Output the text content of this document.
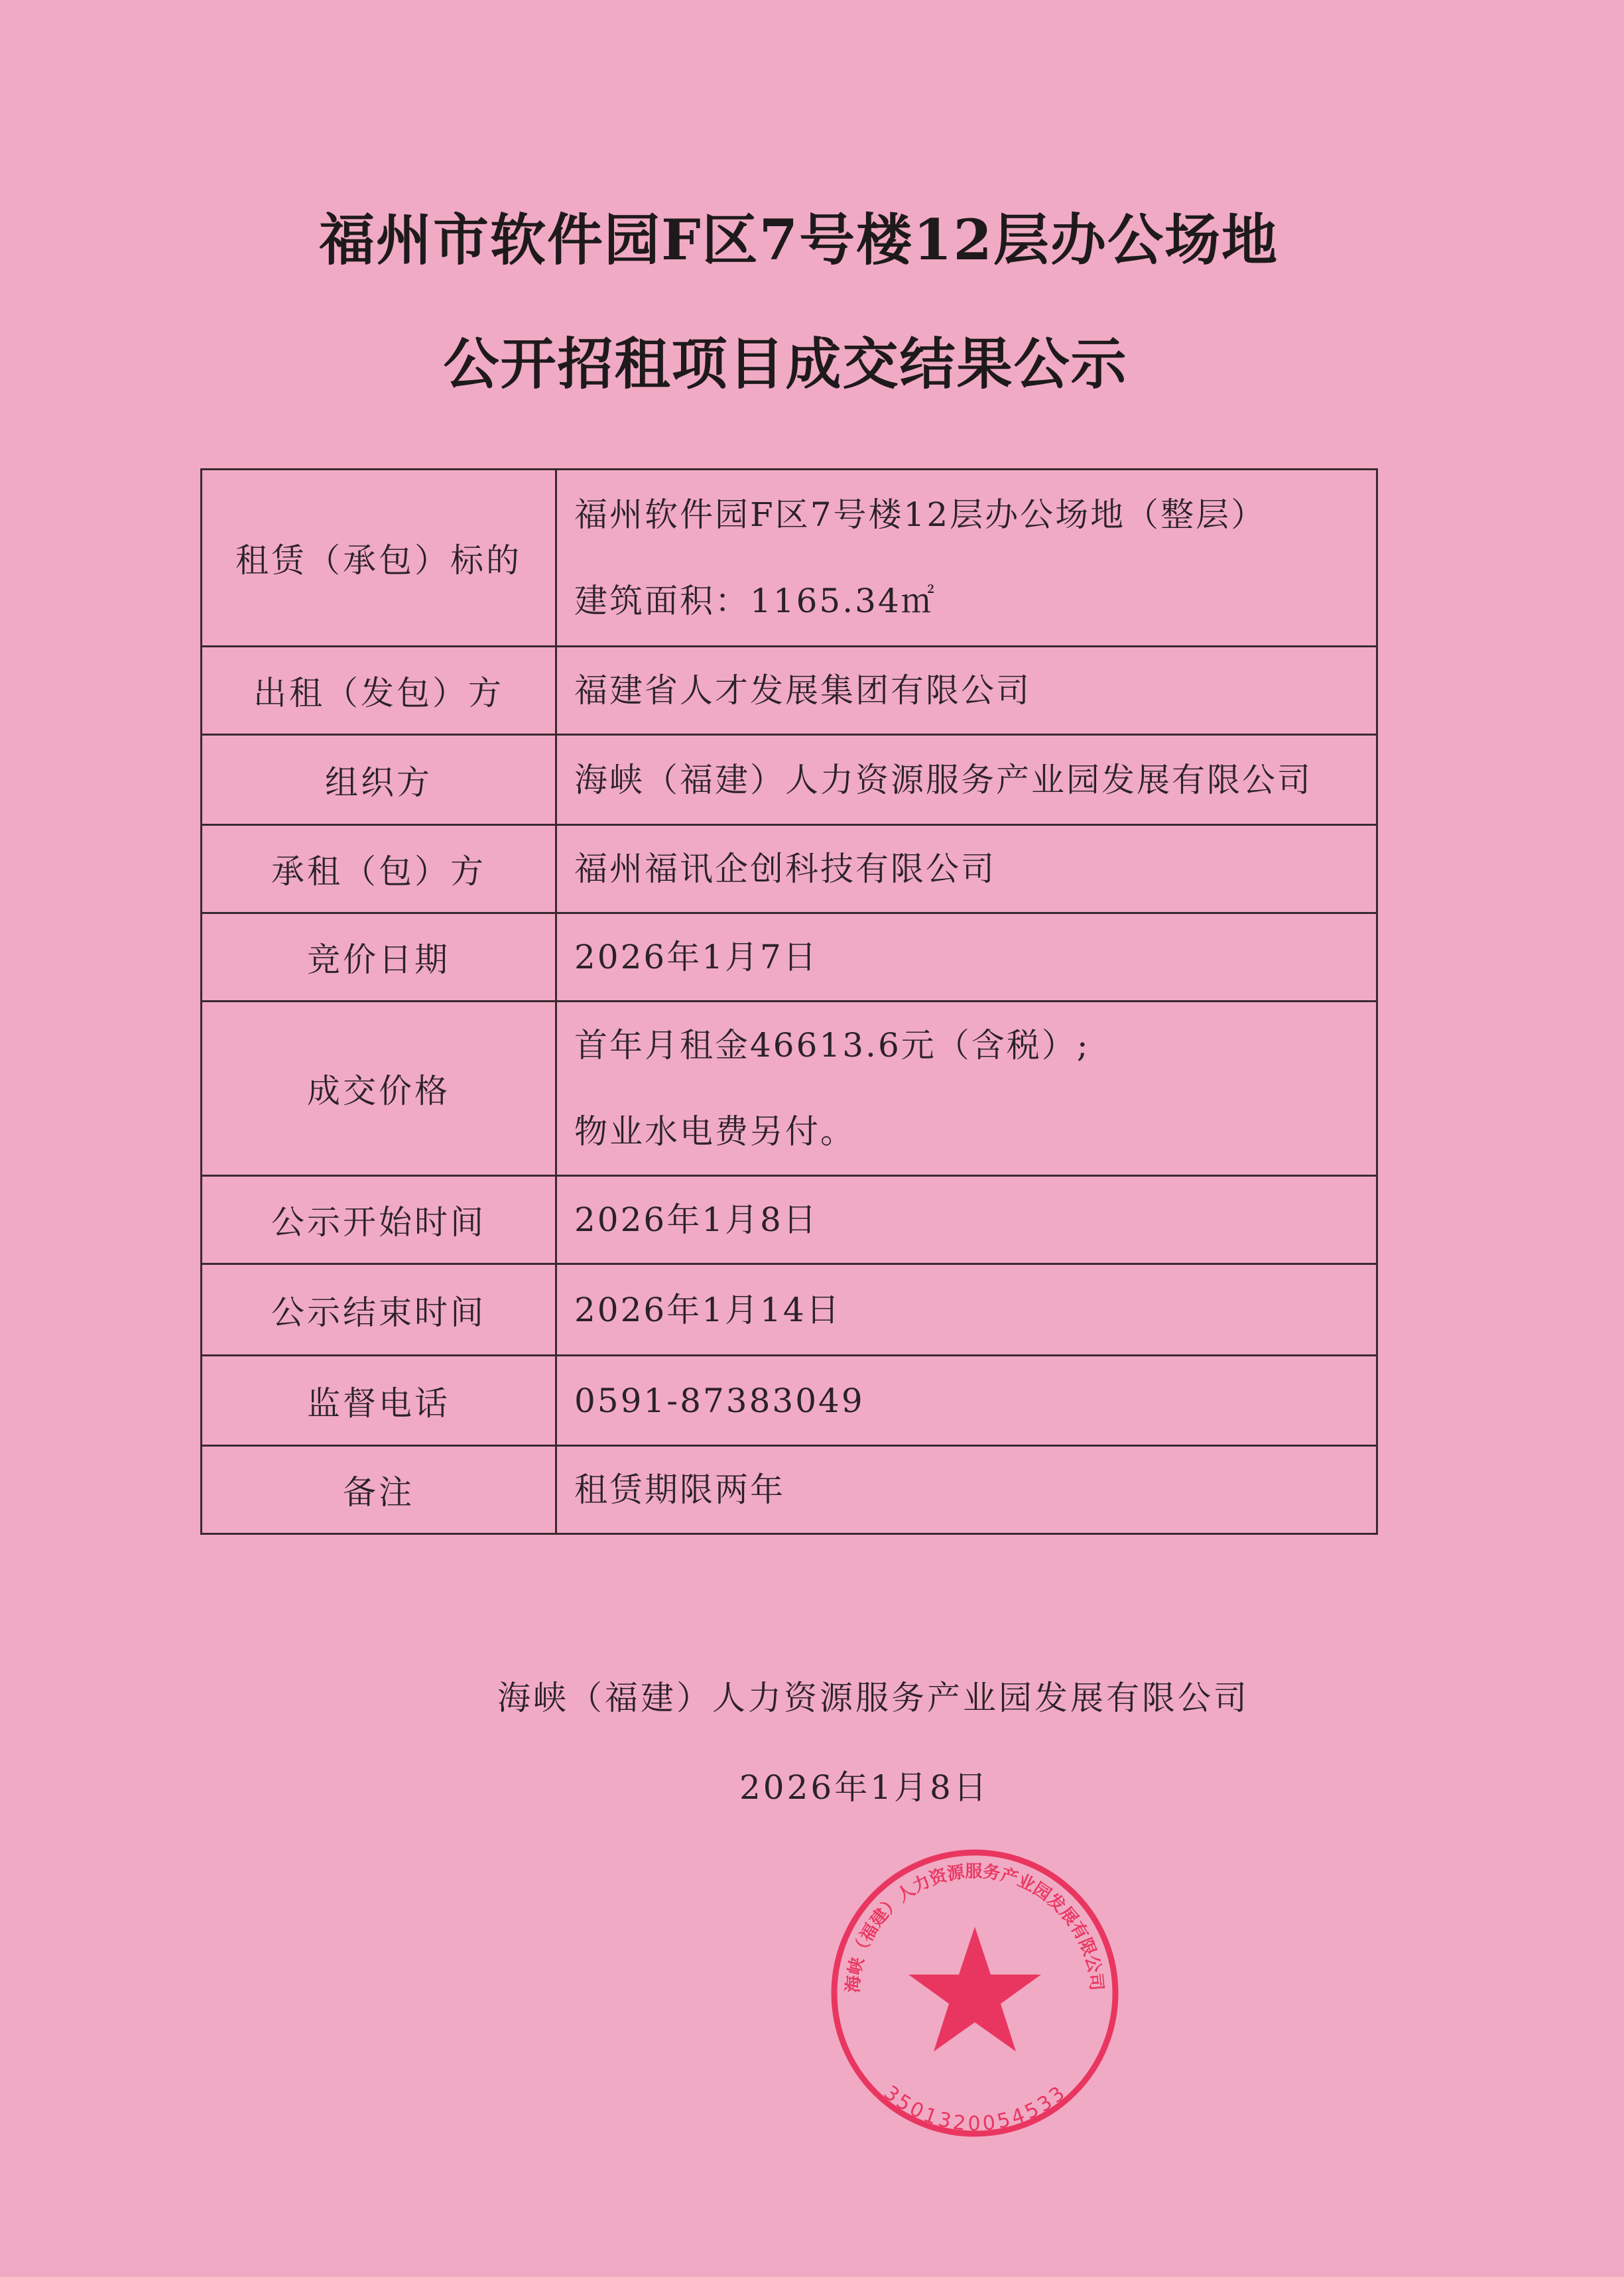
福州市软件园F区7号楼12层办公场地
公开招租项目成交结果公示
租赁（承包）标的	福州软件园F区7号楼12层办公场地（整层）
建筑面积：1165.34㎡

出租（发包）方	福建省人才发展集团有限公司

组织方	海峡（福建）人力资源服务产业园发展有限公司

承租（包）方	福州福讯企创科技有限公司

竞价日期	2026年1月7日

成交价格	首年月租金46613.6元（含税）;
物业水电费另付。

公示开始时间	2026年1月8日

公示结束时间	2026年1月14日

监督电话	0591-87383049

备注	租赁期限两年
海峡（福建）人力资源服务产业园发展有限公司
2026年1月8日
海峡（福建）人力资源服务产业园发展有限公司
3501320054533
